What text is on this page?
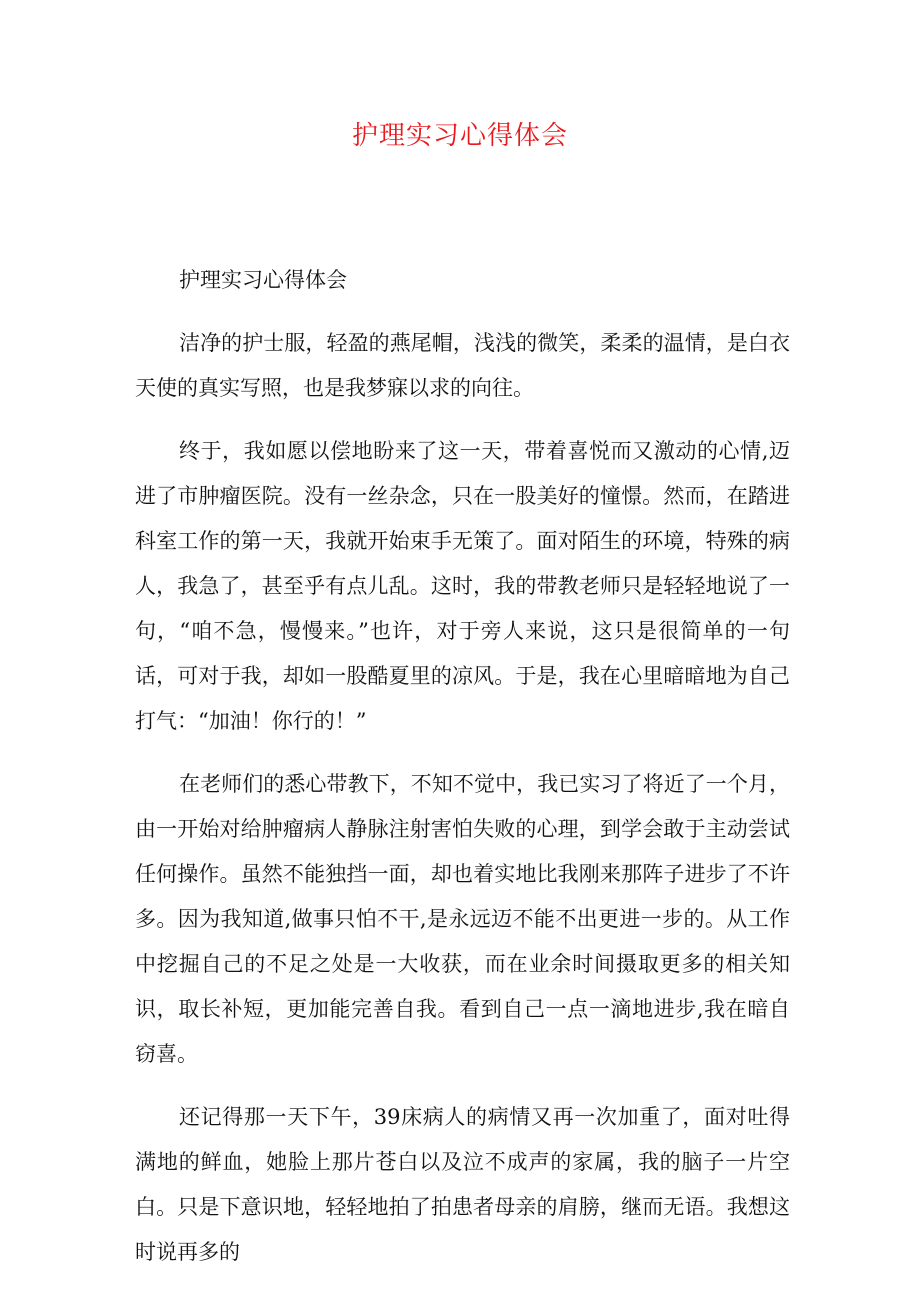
护理实习心得体会

护理实习心得体会

洁净的护士服，轻盈的燕尾帽，浅浅的微笑，柔柔的温情，是白衣天使的真实写照，也是我梦寐以求的向往。

终于，我如愿以偿地盼来了这一天，带着喜悦而又激动的心情,迈进了市肿瘤医院。没有一丝杂念，只在一股美好的憧憬。然而，在踏进科室工作的第一天，我就开始束手无策了。面对陌生的环境，特殊的病人，我急了，甚至乎有点儿乱。这时，我的带教老师只是轻轻地说了一句，“咱不急，慢慢来。”也许，对于旁人来说，这只是很简单的一句话，可对于我，却如一股酷夏里的凉风。于是，我在心里暗暗地为自己打气：“加油！你行的！”

在老师们的悉心带教下，不知不觉中，我已实习了将近了一个月，由一开始对给肿瘤病人静脉注射害怕失败的心理，到学会敢于主动尝试任何操作。虽然不能独挡一面，却也着实地比我刚来那阵子进步了不许多。因为我知道,做事只怕不干,是永远迈不能不出更进一步的。从工作中挖掘自己的不足之处是一大收获，而在业余时间摄取更多的相关知识，取长补短，更加能完善自我。看到自己一点一滴地进步,我在暗自窃喜。

还记得那一天下午，39床病人的病情又再一次加重了，面对吐得满地的鲜血，她脸上那片苍白以及泣不成声的家属，我的脑子一片空白。只是下意识地，轻轻地拍了拍患者母亲的肩膀，继而无语。我想这时说再多的
